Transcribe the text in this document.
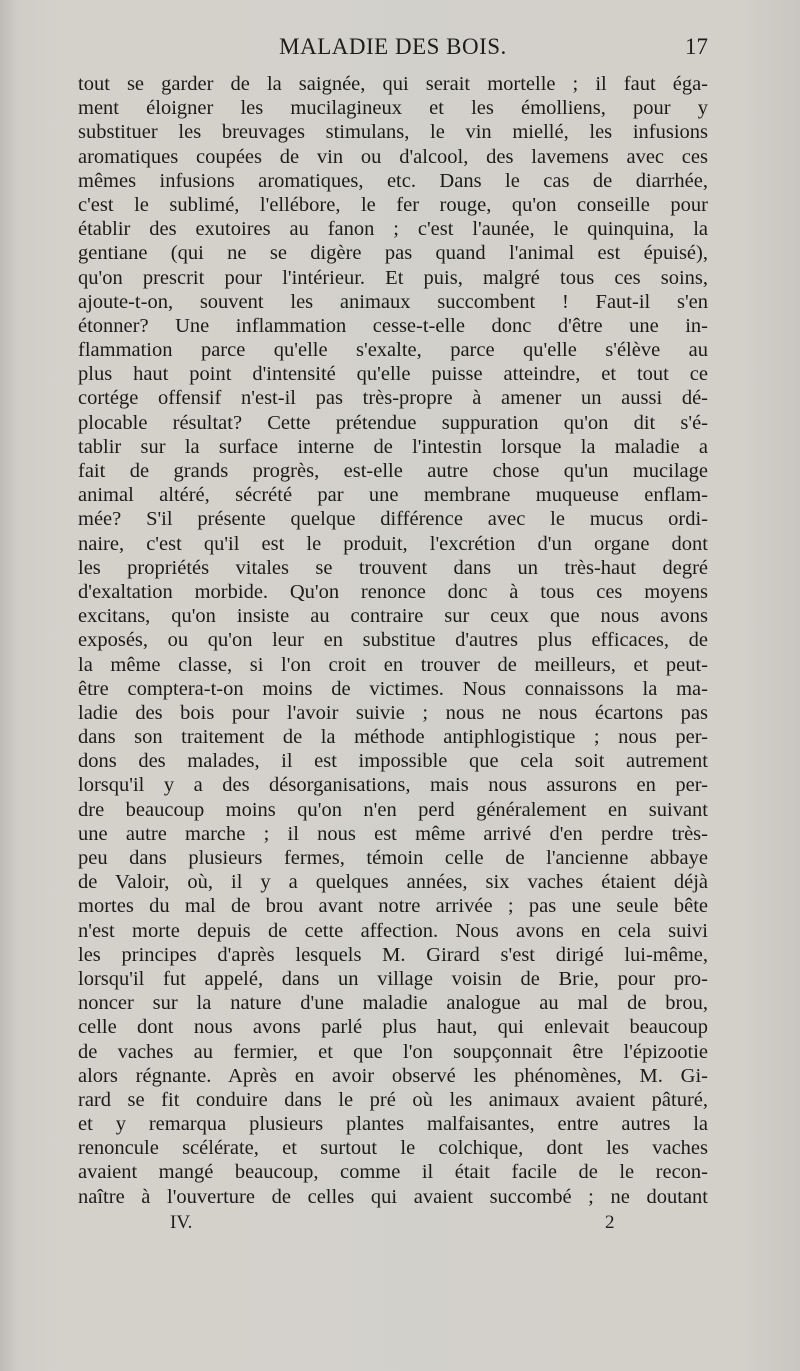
MALADIE DES BOIS.	17
tout se garder de la saignée, qui serait mortelle ; il faut éga-
ment éloigner les mucilagineux et les émolliens, pour y
substituer les breuvages stimulans, le vin miellé, les infusions
aromatiques coupées de vin ou d'alcool, des lavemens avec ces
mêmes infusions aromatiques, etc. Dans le cas de diarrhée,
c'est le sublimé, l'ellébore, le fer rouge, qu'on conseille pour
établir des exutoires au fanon ; c'est l'aunée, le quinquina, la
gentiane (qui ne se digère pas quand l'animal est épuisé),
qu'on prescrit pour l'intérieur. Et puis, malgré tous ces soins,
ajoute-t-on, souvent les animaux succombent ! Faut-il s'en
étonner? Une inflammation cesse-t-elle donc d'être une in-
flammation parce qu'elle s'exalte, parce qu'elle s'élève au
plus haut point d'intensité qu'elle puisse atteindre, et tout ce
cortége offensif n'est-il pas très-propre à amener un aussi dé-
plocable résultat? Cette prétendue suppuration qu'on dit s'é-
tablir sur la surface interne de l'intestin lorsque la maladie a
fait de grands progrès, est-elle autre chose qu'un mucilage
animal altéré, sécrété par une membrane muqueuse enflam-
mée? S'il présente quelque différence avec le mucus ordi-
naire, c'est qu'il est le produit, l'excrétion d'un organe dont
les propriétés vitales se trouvent dans un très-haut degré
d'exaltation morbide. Qu'on renonce donc à tous ces moyens
excitans, qu'on insiste au contraire sur ceux que nous avons
exposés, ou qu'on leur en substitue d'autres plus efficaces, de
la même classe, si l'on croit en trouver de meilleurs, et peut-
être comptera-t-on moins de victimes. Nous connaissons la ma-
ladie des bois pour l'avoir suivie ; nous ne nous écartons pas
dans son traitement de la méthode antiphlogistique ; nous per-
dons des malades, il est impossible que cela soit autrement
lorsqu'il y a des désorganisations, mais nous assurons en per-
dre beaucoup moins qu'on n'en perd généralement en suivant
une autre marche ; il nous est même arrivé d'en perdre très-
peu dans plusieurs fermes, témoin celle de l'ancienne abbaye
de Valoir, où, il y a quelques années, six vaches étaient déjà
mortes du mal de brou avant notre arrivée ; pas une seule bête
n'est morte depuis de cette affection. Nous avons en cela suivi
les principes d'après lesquels M. Girard s'est dirigé lui-même,
lorsqu'il fut appelé, dans un village voisin de Brie, pour pro-
noncer sur la nature d'une maladie analogue au mal de brou,
celle dont nous avons parlé plus haut, qui enlevait beaucoup
de vaches au fermier, et que l'on soupçonnait être l'épizootie
alors régnante. Après en avoir observé les phénomènes, M. Gi-
rard se fit conduire dans le pré où les animaux avaient pâturé,
et y remarqua plusieurs plantes malfaisantes, entre autres la
renoncule scélérate, et surtout le colchique, dont les vaches
avaient mangé beaucoup, comme il était facile de le recon-
naître à l'ouverture de celles qui avaient succombé ; ne doutant
IV.	2
